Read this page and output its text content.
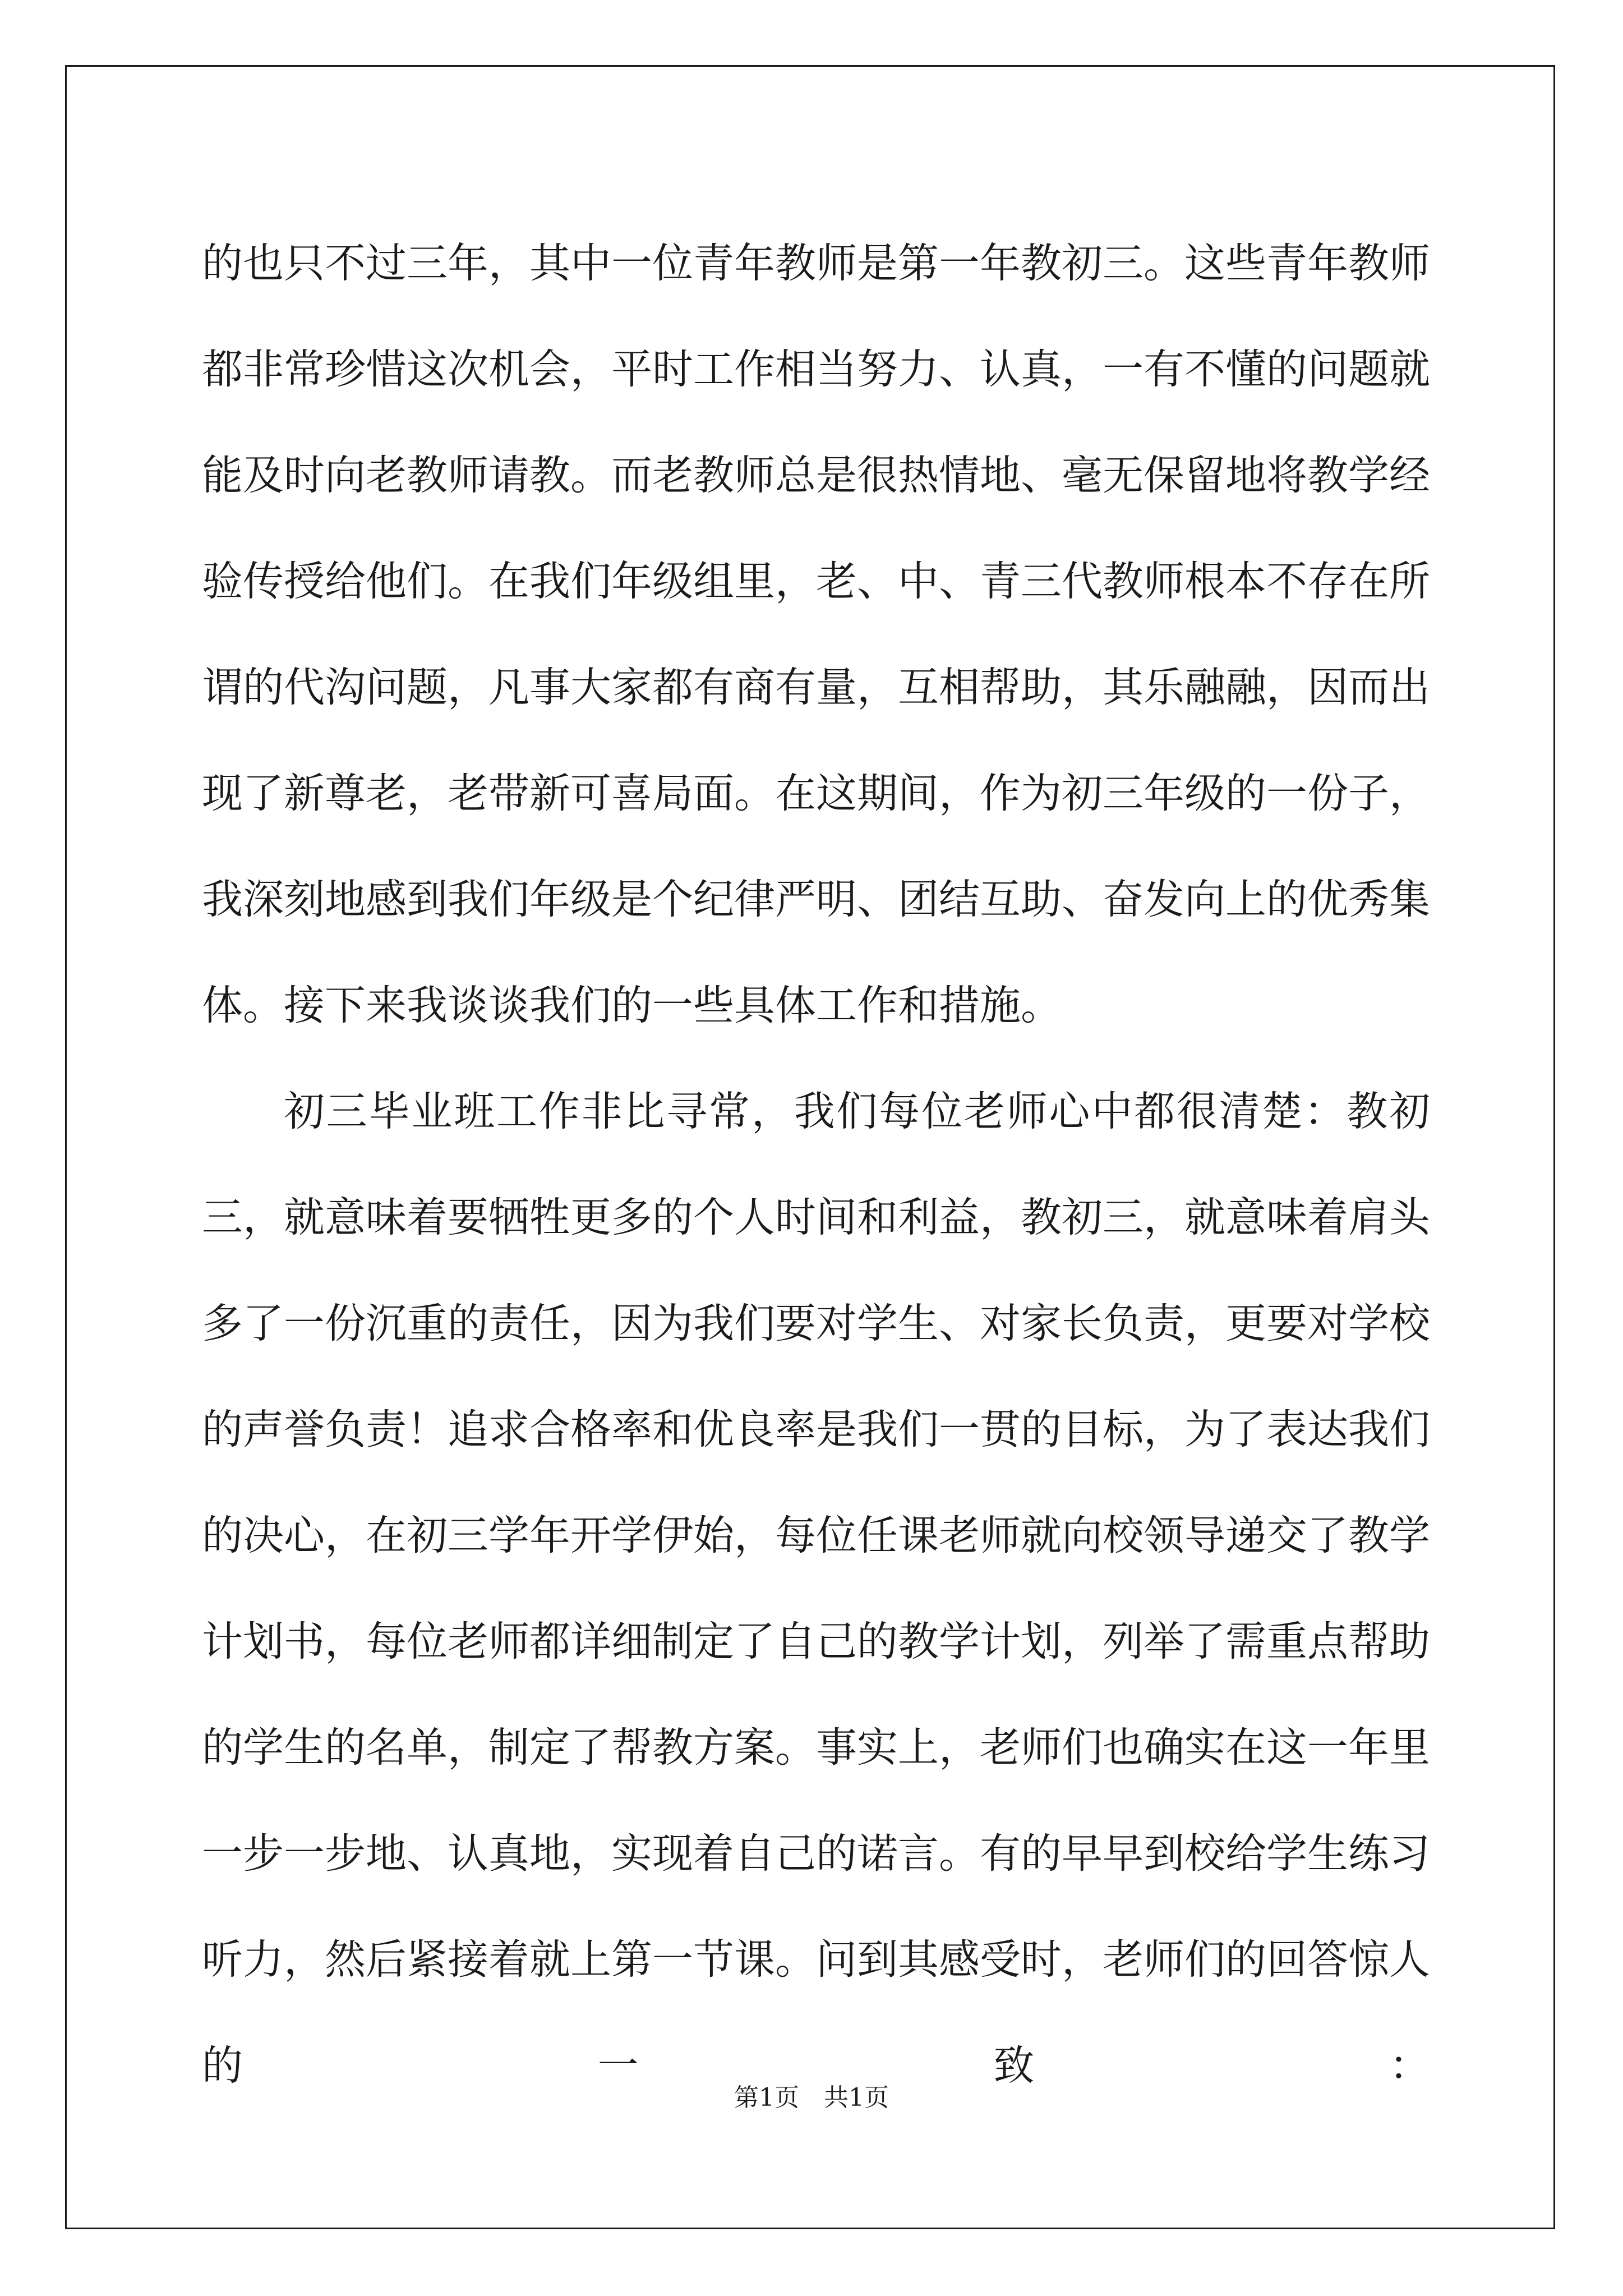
的也只不过三年，其中一位青年教师是第一年教初三。这些青年教师都非常珍惜这次机会，平时工作相当努力、认真，一有不懂的问题就能及时向老教师请教。而老教师总是很热情地、毫无保留地将教学经验传授给他们。在我们年级组里，老、中、青三代教师根本不存在所谓的代沟问题，凡事大家都有商有量，互相帮助，其乐融融，因而出现了新尊老，老带新可喜局面。在这期间，作为初三年级的一份子，我深刻地感到我们年级是个纪律严明、团结互助、奋发向上的优秀集体。接下来我谈谈我们的一些具体工作和措施。

初三毕业班工作非比寻常，我们每位老师心中都很清楚：教初三，就意味着要牺牲更多的个人时间和利益，教初三，就意味着肩头多了一份沉重的责任，因为我们要对学生、对家长负责，更要对学校的声誉负责！追求合格率和优良率是我们一贯的目标，为了表达我们的决心，在初三学年开学伊始，每位任课老师就向校领导递交了教学计划书，每位老师都详细制定了自己的教学计划，列举了需重点帮助的学生的名单，制定了帮教方案。事实上，老师们也确实在这一年里一步一步地、认真地，实现着自己的诺言。有的早早到校给学生练习听力，然后紧接着就上第一节课。问到其感受时，老师们的回答惊人的一致：

第1页 共1页
